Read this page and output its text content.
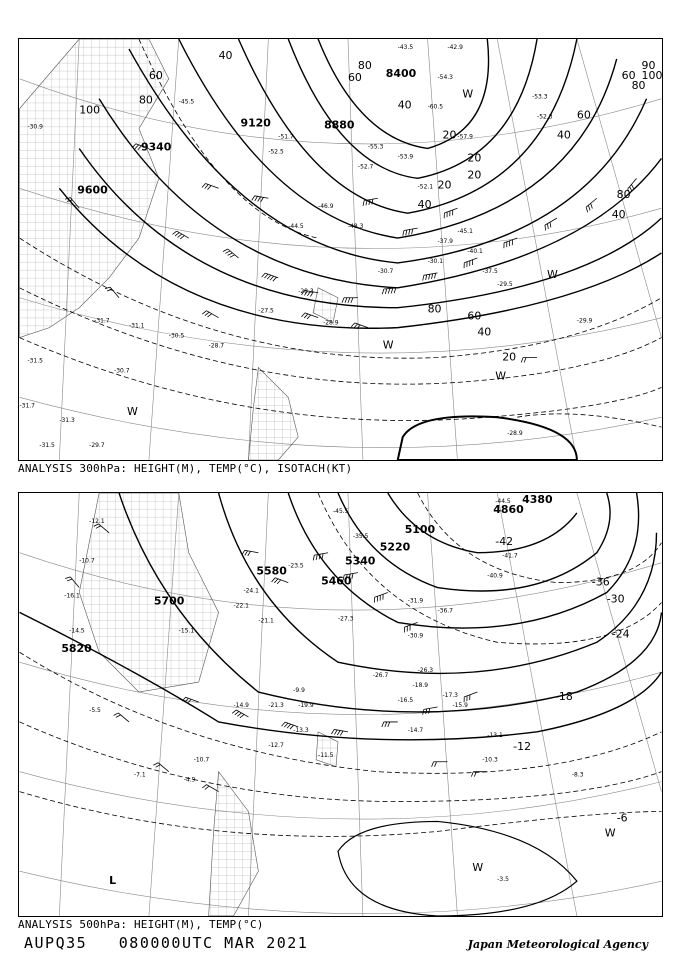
9600
9340
9120	8880
8400
40
60
80
100
80
60
40
20
20
20
20
40
60
80
90
100
60
40
80
40
80
60
40
20
W
W
W
W
W
-30.9
-31.7
-31.1
-30.5
-28.7
-30.7
-31.5
-31.3
-31.7
-29.9
-28.3
-27.5
-29.5
-28.9
-30.1
-30.7
-37.9
-45.5
-44.5
-46.9
-48.3
-51.7
-52.5
-52.7
-52.1
-53.9
-55.3
-57.9
-60.5
-54.3
-43.5	-42.9
-31.5	-29.7
-28.9
-53.3
-52.3
-45.1
-40.1
-37.5
ANALYSIS 300hPa: HEIGHT(M), TEMP(°C), ISOTACH(KT)
5820
5700
5580
5460
5340
5220
5100
4860
4380
-42
-36
-30
-24
-18
-12
-6
L
W
W
-12.1
-10.7
-14.5
-16.1
-22.1
-23.5
-15.1
-27.3
-31.9
-36.7
-40.9
-41.7
-44.5
-45.5
-35.5
-26.3
-18.9
-14.7
-13.1
-10.3
-8.3
-5.5
-7.1
-4.9
-3.5
-17.3
-15.9
-21.3 -19.9
-11.5
-14.9
-13.3
-12.7
-10.7
-9.9
-16.5
-21.1
-26.7
-24.1
-30.9
ANALYSIS 500hPa: HEIGHT(M), TEMP(°C)
AUPQ35 080000UTC MAR 2021	Japan Meteorological Agency
